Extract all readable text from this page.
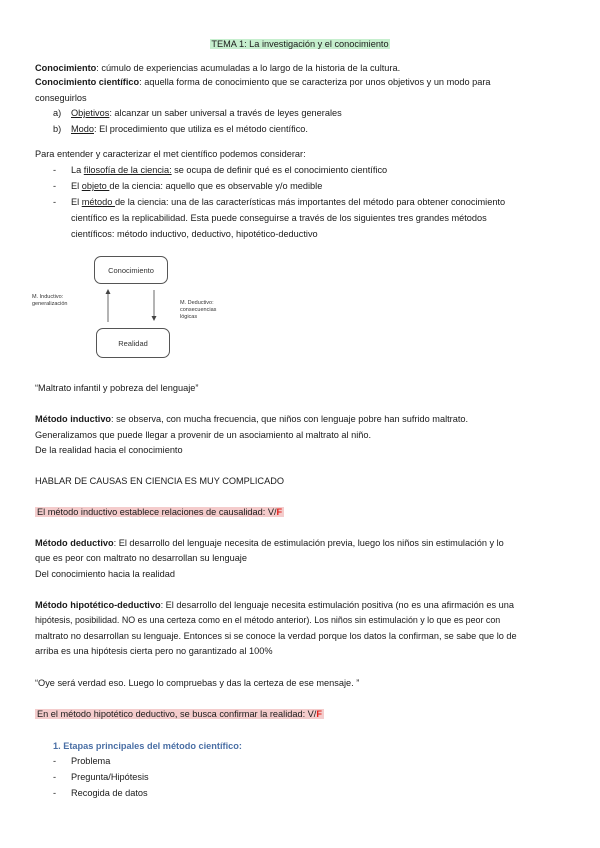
TEMA 1: La investigación y el conocimiento
Conocimiento: cúmulo de experiencias acumuladas a lo largo de la historia de la cultura.
Conocimiento científico: aquella forma de conocimiento que se caracteriza por unos objetivos y un modo para
conseguirlos
a) Objetivos: alcanzar un saber universal a través de leyes generales
b) Modo: El procedimiento que utiliza es el método científico.
Para entender y caracterizar el met científico podemos considerar:
- La filosofía de la ciencia: se ocupa de definir qué es el conocimiento científico
- El objeto de la ciencia: aquello que es observable y/o medible
- El método de la ciencia: una de las características más importantes del método para obtener conocimiento
científico es la replicabilidad. Esta puede conseguirse a través de los siguientes tres grandes métodos
científicos: método inductivo, deductivo, hipotético-deductivo
Conocimiento
Realidad
M. Inductivo:
generalización	M. Deductivo:
consecuencias
lógicas
“Maltrato infantil y pobreza del lenguaje”
Método inductivo: se observa, con mucha frecuencia, que niños con lenguaje pobre han sufrido maltrato.
Generalizamos que puede llegar a provenir de un asociamiento al maltrato al niño.
De la realidad hacia el conocimiento
HABLAR DE CAUSAS EN CIENCIA ES MUY COMPLICADO
El método inductivo establece relaciones de causalidad: V/F
Método deductivo: El desarrollo del lenguaje necesita de estimulación previa, luego los niños sin estimulación y lo
que es peor con maltrato no desarrollan su lenguaje
Del conocimiento hacia la realidad
Método hipotético-deductivo: El desarrollo del lenguaje necesita estimulación positiva (no es una afirmación es una
hipótesis, posibilidad. NO es una certeza como en el método anterior). Los niños sin estimulación y lo que es peor con
maltrato no desarrollan su lenguaje. Entonces si se conoce la verdad porque los datos la confirman, se sabe que lo de
arriba es una hipótesis cierta pero no garantizado al 100%
“Oye será verdad eso. Luego lo compruebas y das la certeza de ese mensaje. ”
En el método hipotético deductivo, se busca confirmar la realidad: V/F
1. Etapas principales del método científico:
- Problema
- Pregunta/Hipótesis
- Recogida de datos
